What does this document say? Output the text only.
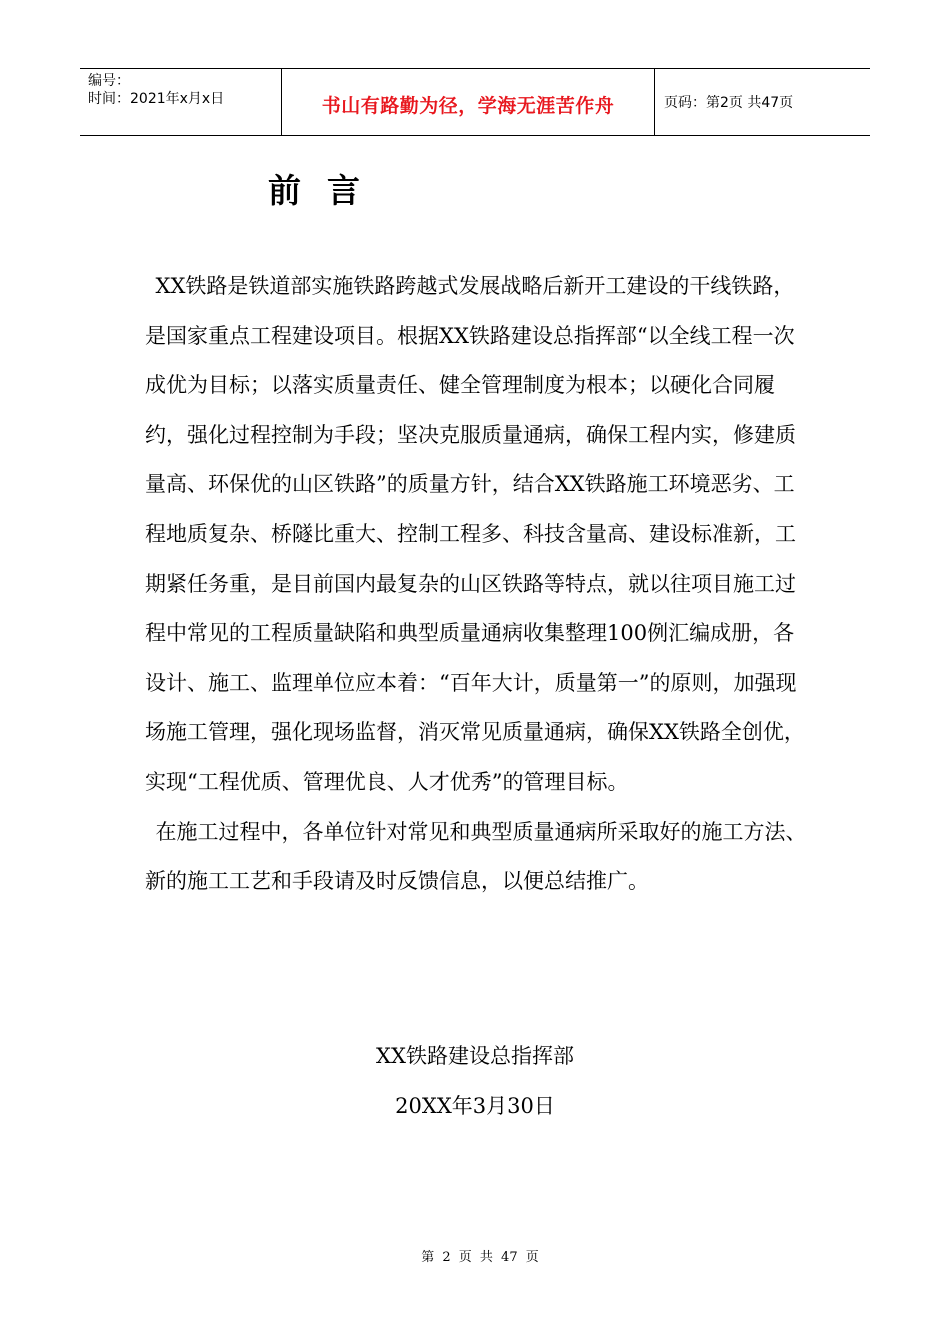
编号：
时间：2021年x月x日	书山有路勤为径，学海无涯苦作舟	页码：第2页 共47页
前言

XX铁路是铁道部实施铁路跨越式发展战略后新开工建设的干线铁路，是国家重点工程建设项目。根据XX铁路建设总指挥部“以全线工程一次成优为目标；以落实质量责任、健全管理制度为根本；以硬化合同履约，强化过程控制为手段；坚决克服质量通病，确保工程内实，修建质量高、环保优的山区铁路”的质量方针，结合XX铁路施工环境恶劣、工程地质复杂、桥隧比重大、控制工程多、科技含量高、建设标准新，工期紧任务重，是目前国内最复杂的山区铁路等特点，就以往项目施工过程中常见的工程质量缺陷和典型质量通病收集整理100例汇编成册，各设计、施工、监理单位应本着：“百年大计，质量第一”的原则，加强现场施工管理，强化现场监督，消灭常见质量通病，确保XX铁路全创优，实现“工程优质、管理优良、人才优秀”的管理目标。

在施工过程中，各单位针对常见和典型质量通病所采取好的施工方法、新的施工工艺和手段请及时反馈信息，以便总结推广。

XX铁路建设总指挥部
20XX年3月30日
第 2 页 共 47 页
